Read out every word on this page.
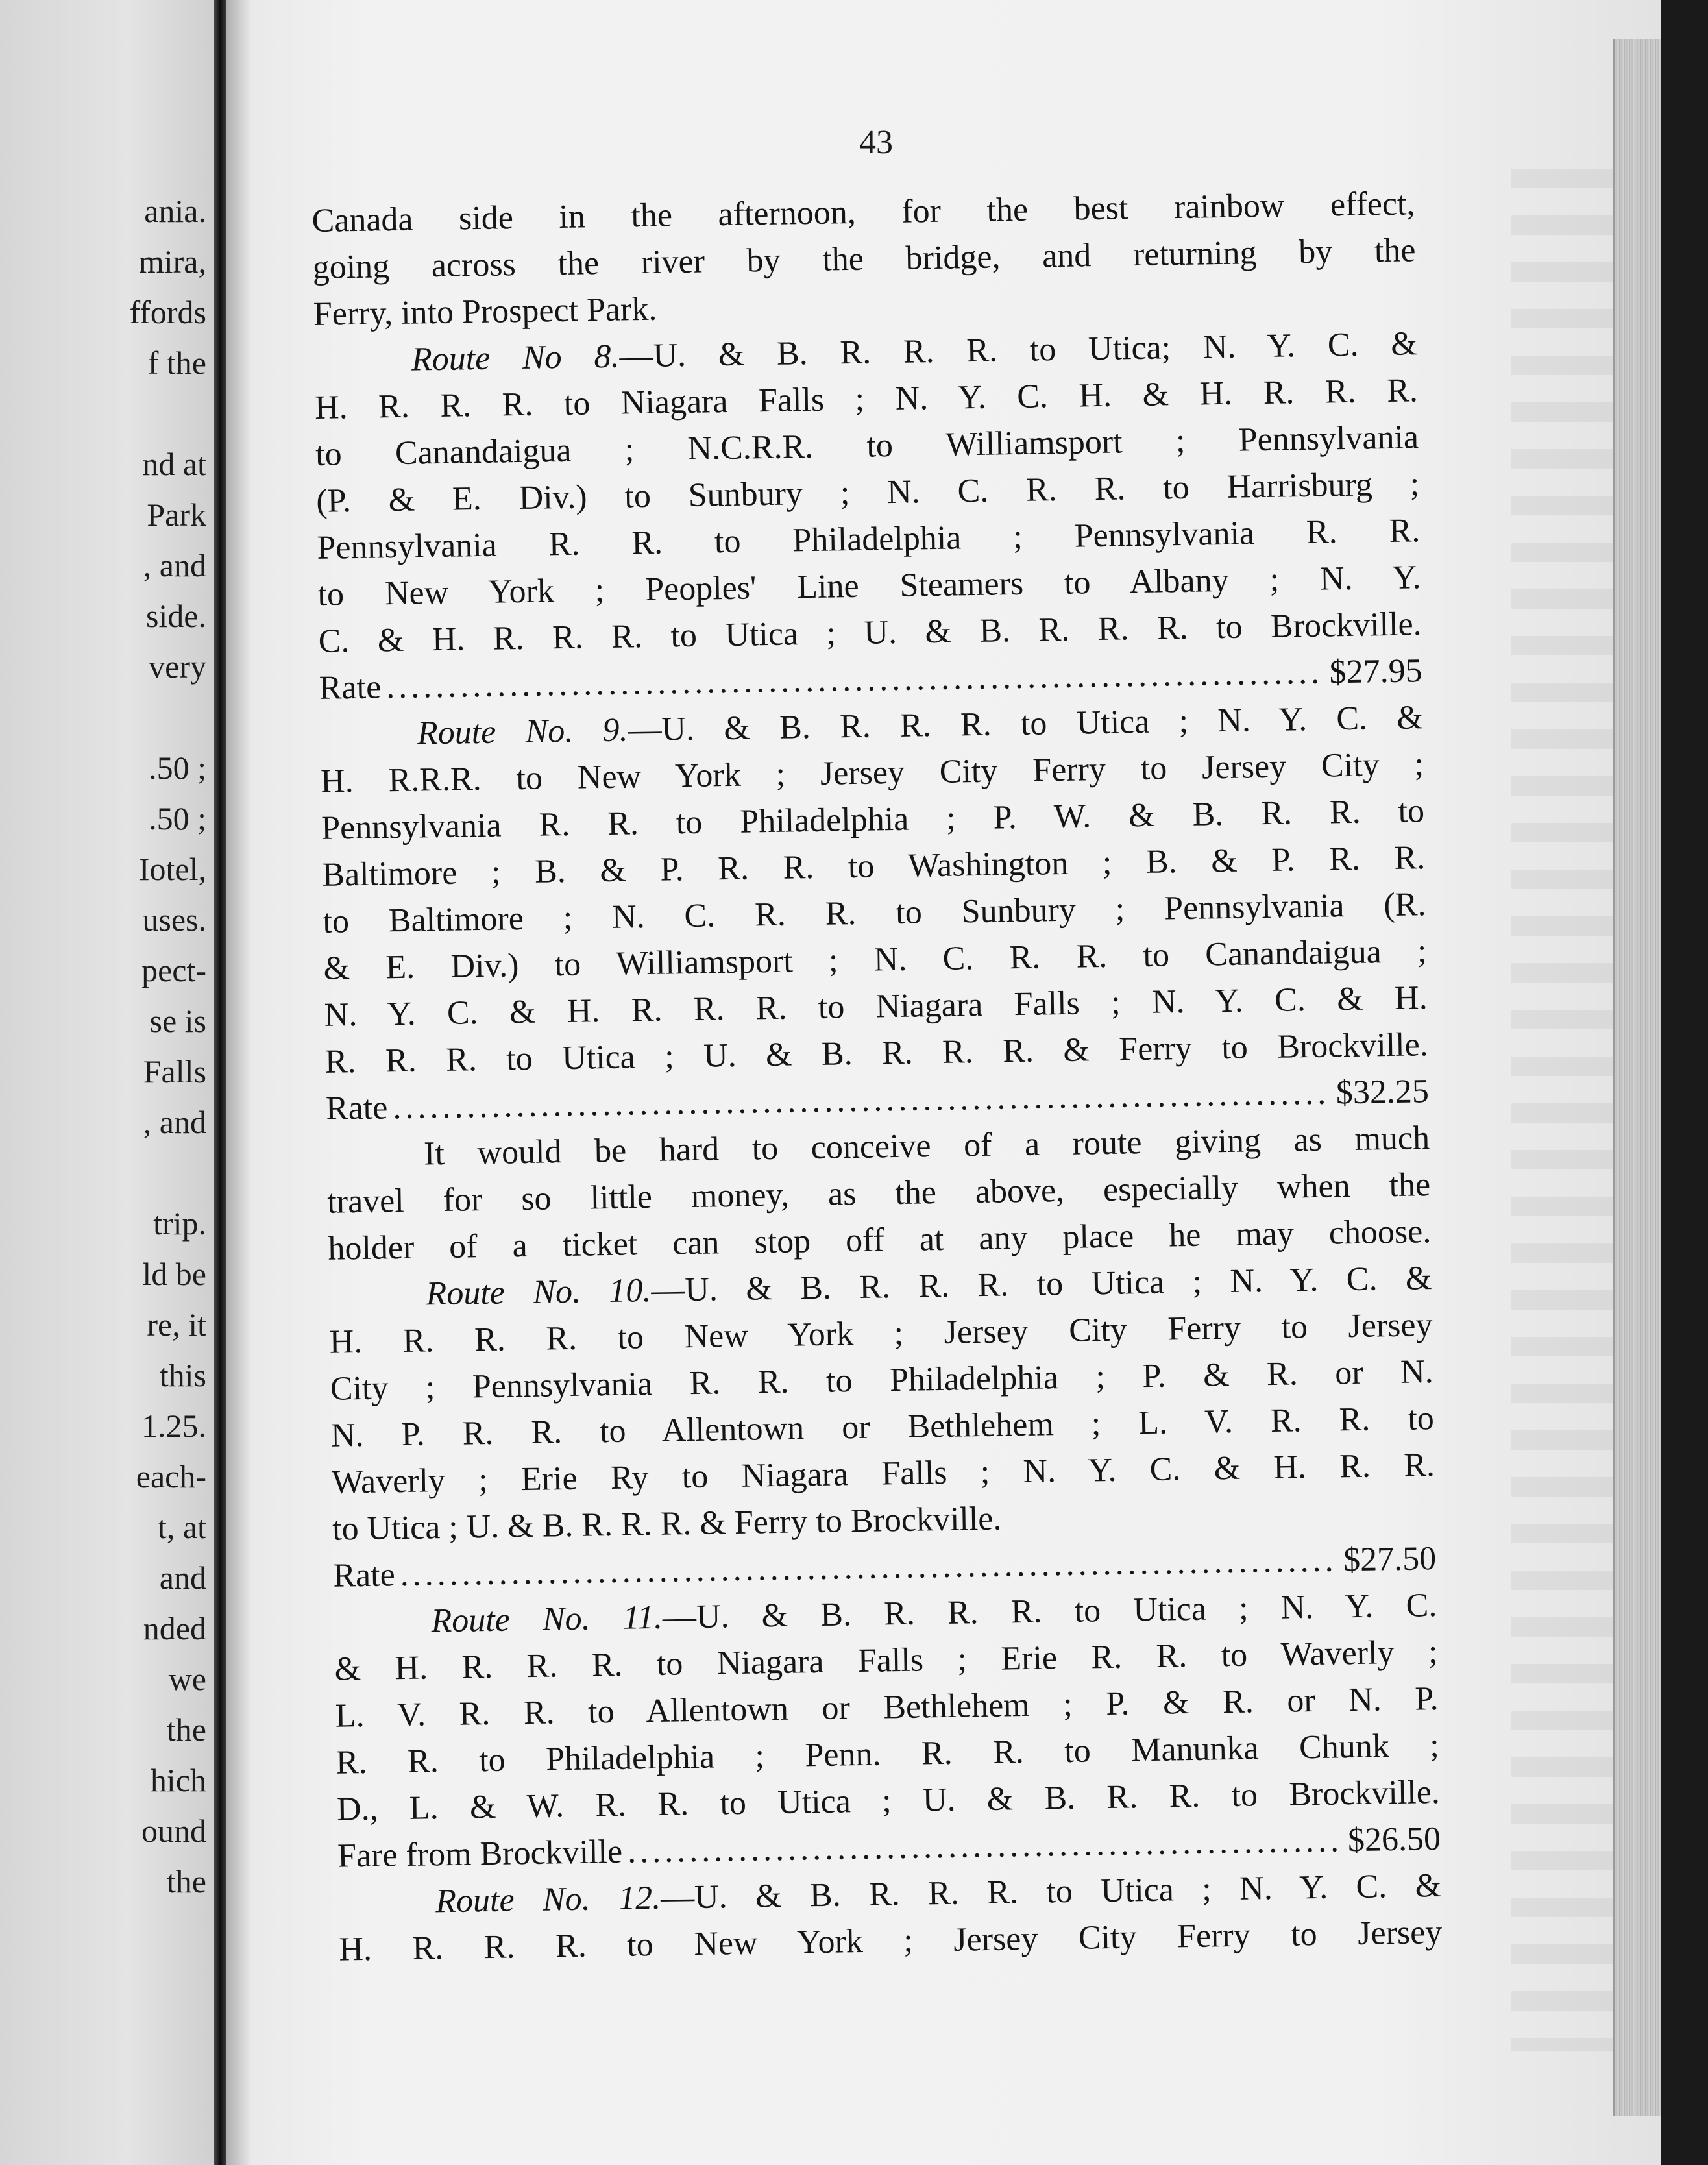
ania.
mira,
ffords
f the
nd at
Park
, and
side.
very
.50 ;
.50 ;
Iotel,
uses.
pect-
se is
Falls
, and
trip.
ld be
re, it
this
1.25.
each-
t, at
and
nded
we
the
hich
ound
the
43
Canada side in the afternoon, for the best rainbow effect,
going across the river by the bridge, and returning by the
Ferry, into Prospect Park.
Route No 8.—U. & B. R. R. R. to Utica; N. Y. C. &
H. R. R. R. to Niagara Falls ; N. Y. C. H. & H. R. R. R.
to Canandaigua ; N.C.R.R. to Williamsport ; Pennsylvania
(P. & E. Div.) to Sunbury ; N. C. R. R. to Harrisburg ;
Pennsylvania R. R. to Philadelphia ; Pennsylvania R. R.
to New York ; Peoples' Line Steamers to Albany ; N. Y.
C. & H. R. R. R. to Utica ; U. & B. R. R. R. to Brockville.
Rate .....	$27.95
Route No. 9.—U. & B. R. R. R. to Utica ; N. Y. C. &
H. R.R.R. to New York ; Jersey City Ferry to Jersey City ;
Pennsylvania R. R. to Philadelphia ; P. W. & B. R. R. to
Baltimore ; B. & P. R. R. to Washington ; B. & P. R. R.
to Baltimore ; N. C. R. R. to Sunbury ; Pennsylvania (R.
& E. Div.) to Williamsport ; N. C. R. R. to Canandaigua ;
N. Y. C. & H. R. R. R. to Niagara Falls ; N. Y. C. & H.
R. R. R. to Utica ; U. & B. R. R. R. & Ferry to Brockville.
Rate .....	$32.25
It would be hard to conceive of a route giving as much
travel for so little money, as the above, especially when the
holder of a ticket can stop off at any place he may choose.
Route No. 10.—U. & B. R. R. R. to Utica ; N. Y. C. &
H. R. R. R. to New York ; Jersey City Ferry to Jersey
City ; Pennsylvania R. R. to Philadelphia ; P. & R. or N.
N. P. R. R. to Allentown or Bethlehem ; L. V. R. R. to
Waverly ; Erie Ry to Niagara Falls ; N. Y. C. & H. R. R.
to Utica ; U. & B. R. R. R. & Ferry to Brockville.
Rate .....	$27.50
Route No. 11.—U. & B. R. R. R. to Utica ; N. Y. C.
& H. R. R. R. to Niagara Falls ; Erie R. R. to Waverly ;
L. V. R. R. to Allentown or Bethlehem ; P. & R. or N. P.
R. R. to Philadelphia ; Penn. R. R. to Manunka Chunk ;
D., L. & W. R. R. to Utica ; U. & B. R. R. to Brockville.
Fare from Brockville .....	$26.50
Route No. 12.—U. & B. R. R. R. to Utica ; N. Y. C. &
H. R. R. R. to New York ; Jersey City Ferry to Jersey
